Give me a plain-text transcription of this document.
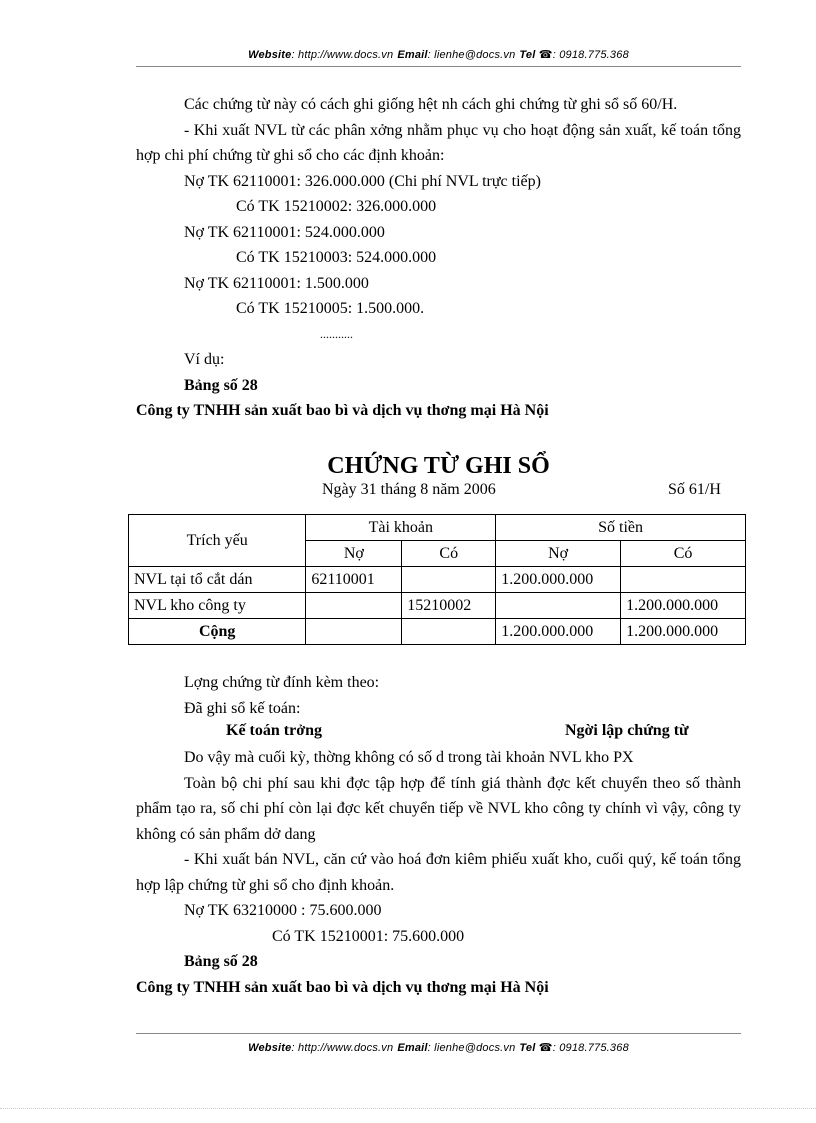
Website: http://www.docs.vn Email: lienhe@docs.vn Tel ☎: 0918.775.368

Các chứng từ này có cách ghi giống hệt nh cách ghi chứng từ ghi sổ số 60/H.

- Khi xuất NVL từ các phân xởng nhằm phục vụ cho hoạt động sản xuất, kế toán tổng hợp chi phí chứng từ ghi sổ cho các định khoản:

Nợ TK 62110001: 326.000.000 (Chi phí NVL trực tiếp)

Có TK 15210002: 326.000.000

Nợ TK 62110001: 524.000.000

Có TK 15210003: 524.000.000

Nợ TK 62110001: 1.500.000

Có TK 15210005: 1.500.000.

...........

Ví dụ:

Bảng số 28

Công ty TNHH sản xuất bao bì và dịch vụ thơng mại Hà Nội

CHỨNG TỪ GHI SỔ
Ngày 31 tháng 8 năm 2006	Số 61/H
Trích yếu	Tài khoản		Số tiền	
	Nợ	Có	Nợ	Có
NVL tại tổ cắt dán	62110001		1.200.000.000	
NVL kho công ty		15210002		1.200.000.000
Cộng			1.200.000.000	1.200.000.000

Lợng chứng từ đính kèm theo:

Đã ghi sổ kế toán:

Kế toán trởng	Ngời lập chứng từ

Do vậy mà cuối kỳ, thờng không có số d trong tài khoản NVL kho PX

Toàn bộ chi phí sau khi đợc tập hợp để tính giá thành đợc kết chuyển theo số thành phẩm tạo ra, số chi phí còn lại đợc kết chuyển tiếp về NVL kho công ty chính vì vậy, công ty không có sản phẩm dở dang

- Khi xuất bán NVL, căn cứ vào hoá đơn kiêm phiếu xuất kho, cuối quý, kế toán tổng hợp lập chứng từ ghi sổ cho định khoản.

Nợ TK 63210000 : 75.600.000

Có TK 15210001: 75.600.000

Bảng số 28

Công ty TNHH sản xuất bao bì và dịch vụ thơng mại Hà Nội

Website: http://www.docs.vn Email: lienhe@docs.vn Tel ☎: 0918.775.368
